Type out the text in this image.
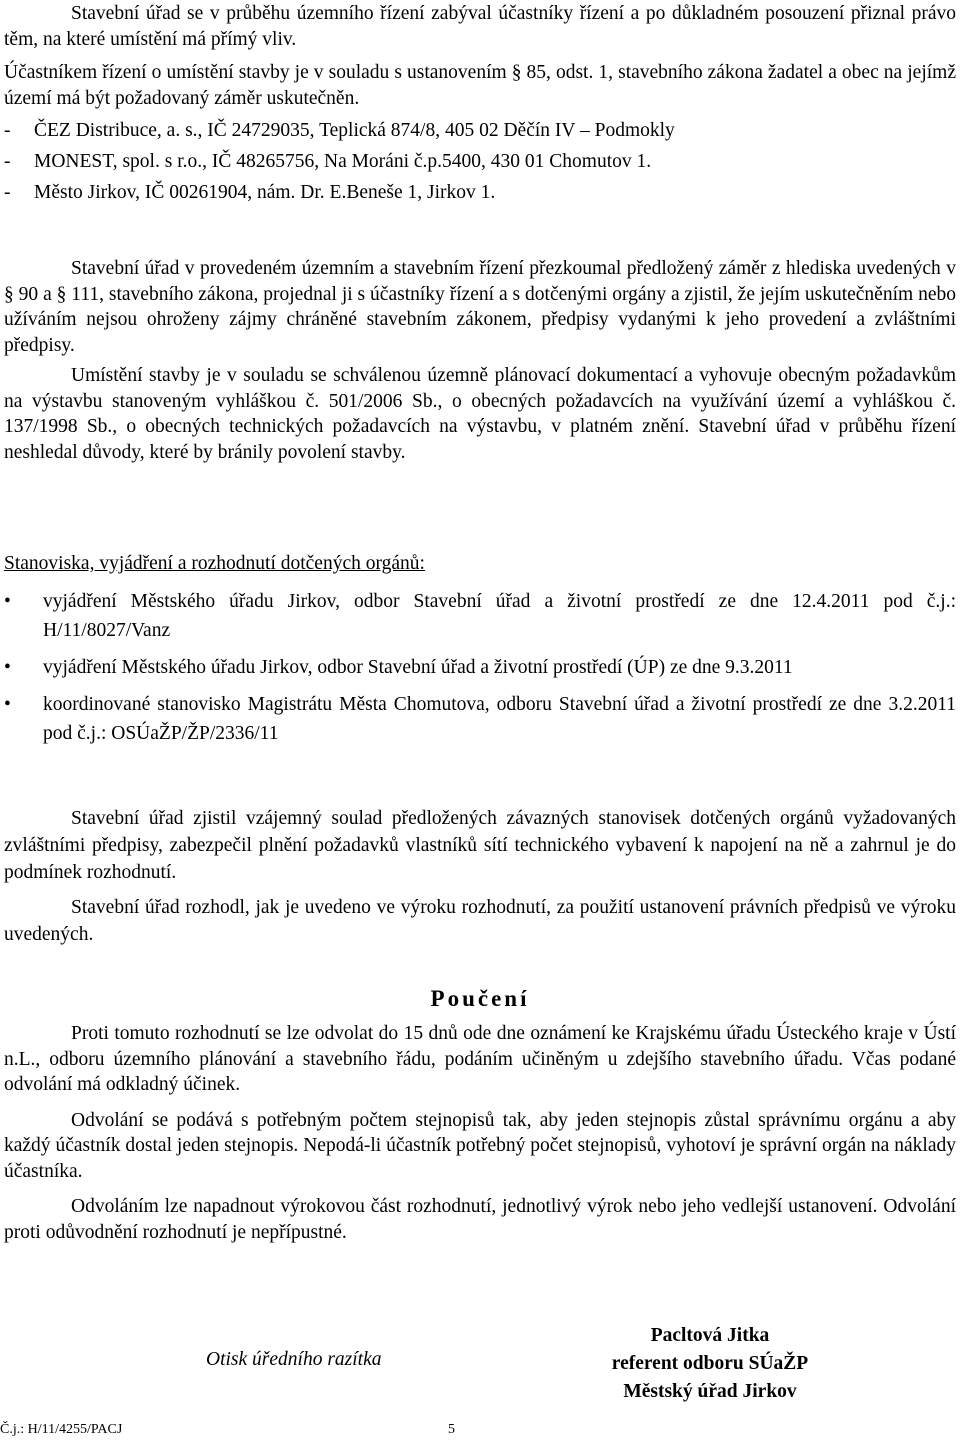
Stavební úřad se v průběhu územního řízení zabýval účastníky řízení a po důkladném posouzení přiznal právo těm, na které umístění má přímý vliv.

Účastníkem řízení o umístění stavby je v souladu s ustanovením § 85, odst. 1, stavebního zákona žadatel a obec na jejímž území má být požadovaný záměr uskutečněn.

-	ČEZ Distribuce, a. s., IČ 24729035, Teplická 874/8, 405 02 Děčín IV – Podmokly
-	MONEST, spol. s r.o., IČ 48265756, Na Moráni č.p.5400, 430 01 Chomutov 1.
-	Město Jirkov, IČ 00261904, nám. Dr. E.Beneše 1, Jirkov 1.

Stavební úřad v provedeném územním a stavebním řízení přezkoumal předložený záměr z hlediska uvedených v § 90 a § 111, stavebního zákona, projednal ji s účastníky řízení a s dotčenými orgány a zjistil, že jejím uskutečněním nebo užíváním nejsou ohroženy zájmy chráněné stavebním zákonem, předpisy vydanými k jeho provedení a zvláštními předpisy.

Umístění stavby je v souladu se schválenou územně plánovací dokumentací a vyhovuje obecným požadavkům na výstavbu stanoveným vyhláškou č. 501/2006 Sb., o obecných požadavcích na využívání území a vyhláškou č. 137/1998 Sb., o obecných technických požadavcích na výstavbu, v platném znění. Stavební úřad v průběhu řízení neshledal důvody, které by bránily povolení stavby.

Stanoviska, vyjádření a rozhodnutí dotčených orgánů:

• vyjádření Městského úřadu Jirkov, odbor Stavební úřad a životní prostředí ze dne 12.4.2011 pod č.j.: H/11/8027/Vanz
• vyjádření Městského úřadu Jirkov, odbor Stavební úřad a životní prostředí (ÚP) ze dne 9.3.2011
• koordinované stanovisko Magistrátu Města Chomutova, odboru Stavební úřad a životní prostředí ze dne 3.2.2011 pod č.j.: OSÚaŽP/ŽP/2336/11

Stavební úřad zjistil vzájemný soulad předložených závazných stanovisek dotčených orgánů vyžadovaných zvláštními předpisy, zabezpečil plnění požadavků vlastníků sítí technického vybavení k napojení na ně a zahrnul je do podmínek rozhodnutí.

Stavební úřad rozhodl, jak je uvedeno ve výroku rozhodnutí, za použití ustanovení právních předpisů ve výroku uvedených.

Poučení

Proti tomuto rozhodnutí se lze odvolat do 15 dnů ode dne oznámení ke Krajskému úřadu Ústeckého kraje v Ústí n.L., odboru územního plánování a stavebního řádu, podáním učiněným u zdejšího stavebního úřadu. Včas podané odvolání má odkladný účinek.

Odvolání se podává s potřebným počtem stejnopisů tak, aby jeden stejnopis zůstal správnímu orgánu a aby každý účastník dostal jeden stejnopis. Nepodá-li účastník potřebný počet stejnopisů, vyhotoví je správní orgán na náklady účastníka.

Odvoláním lze napadnout výrokovou část rozhodnutí, jednotlivý výrok nebo jeho vedlejší ustanovení. Odvolání proti odůvodnění rozhodnutí je nepřípustné.

Otisk úředního razítka
Pacltová Jitka
referent odboru SÚaŽP
Městský úřad Jirkov
Č.j.: H/11/4255/PACJ	5
